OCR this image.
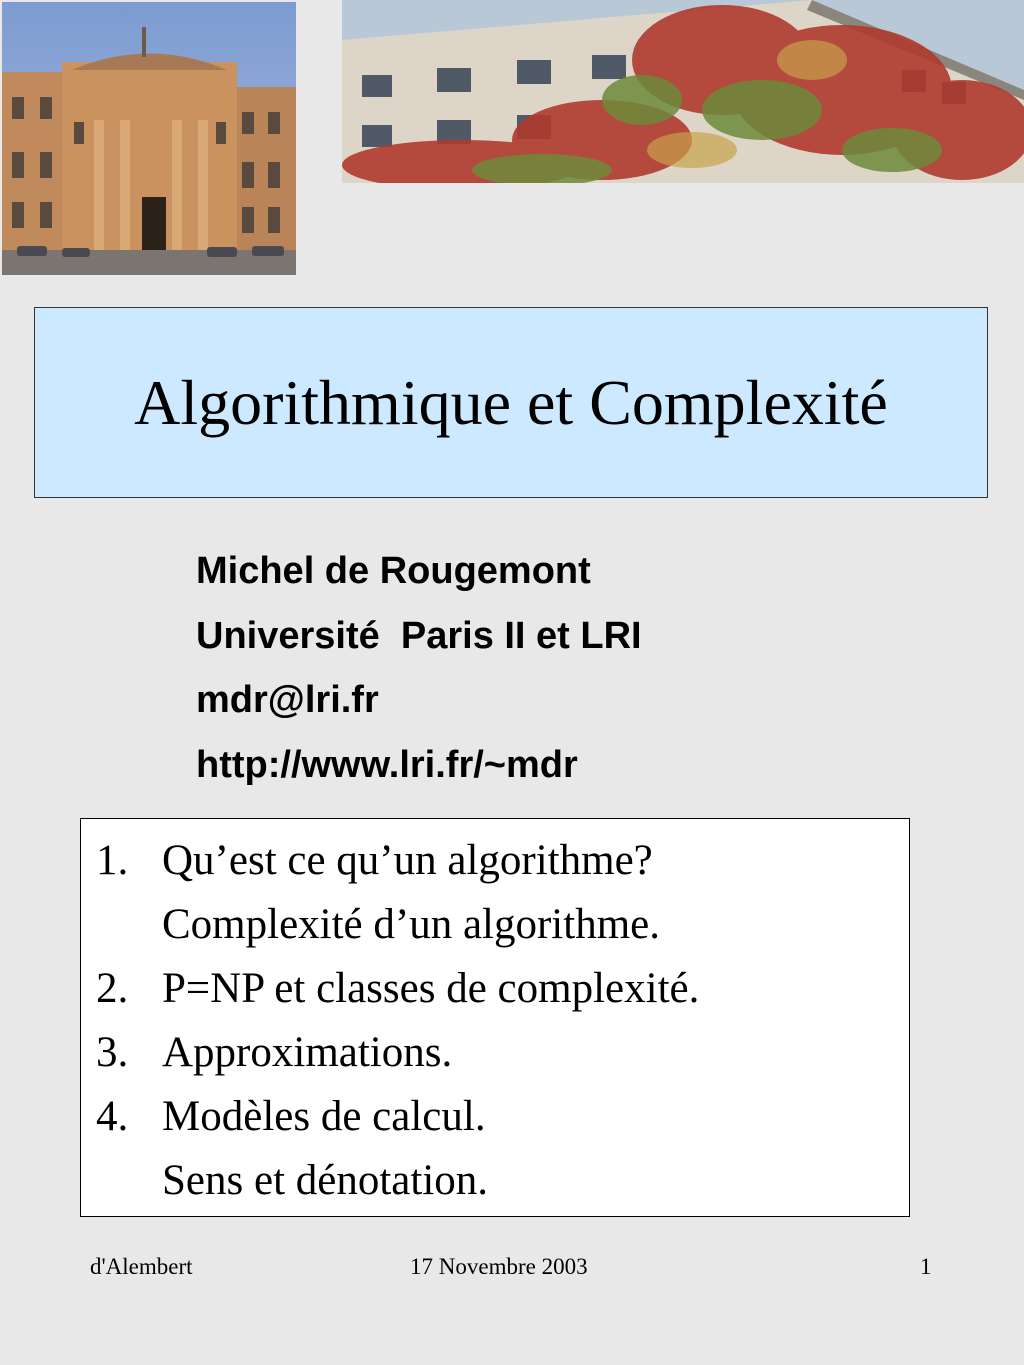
Algorithmique et Complexité
Michel de Rougemont
Université  Paris II et LRI
mdr@lri.fr
http://www.lri.fr/~mdr
1. Qu’est ce qu’un algorithme?
Complexité d’un algorithme.
2. P=NP et classes de complexité.
3. Approximations.
4. Modèles de calcul.
Sens et dénotation.
d'Alembert	17 Novembre 2003	1
